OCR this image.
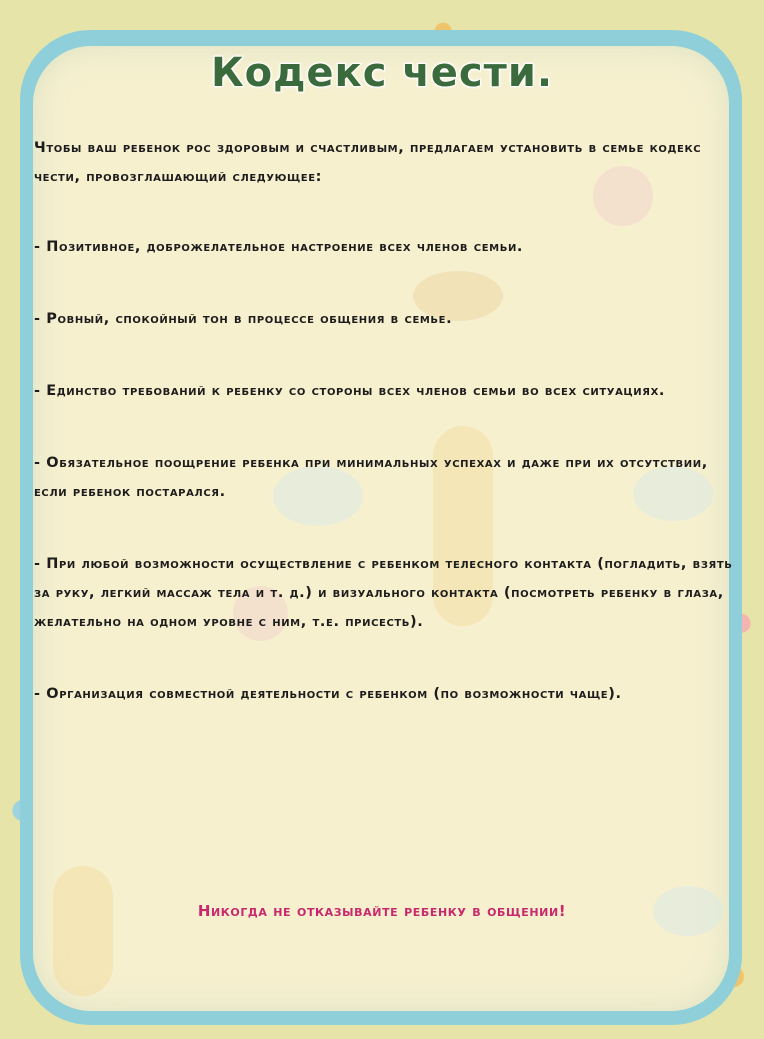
Кодекс чести.

Чтобы ваш ребенок рос здоровым и счастливым, предлагаем установить в семье кодекс чести, провозглашающий следующее:

- Позитивное, доброжелательное настроение всех членов семьи.

- Ровный, спокойный тон в процессе общения в семье.

- Единство требований к ребенку со стороны всех членов семьи во всех ситуациях.

- Обязательное поощрение ребенка при минимальных успехах и даже при их отсутствии, если ребенок постарался.

- При любой возможности осуществление с ребенком телесного контакта (погладить, взять за руку, легкий массаж тела и т. д.) и визуального контакта (посмотреть ребенку в глаза, желательно на одном уровне с ним, т.е. присесть).

- Организация совместной деятельности с ребенком (по возможности чаще).

Никогда не отказывайте ребенку в общении!
